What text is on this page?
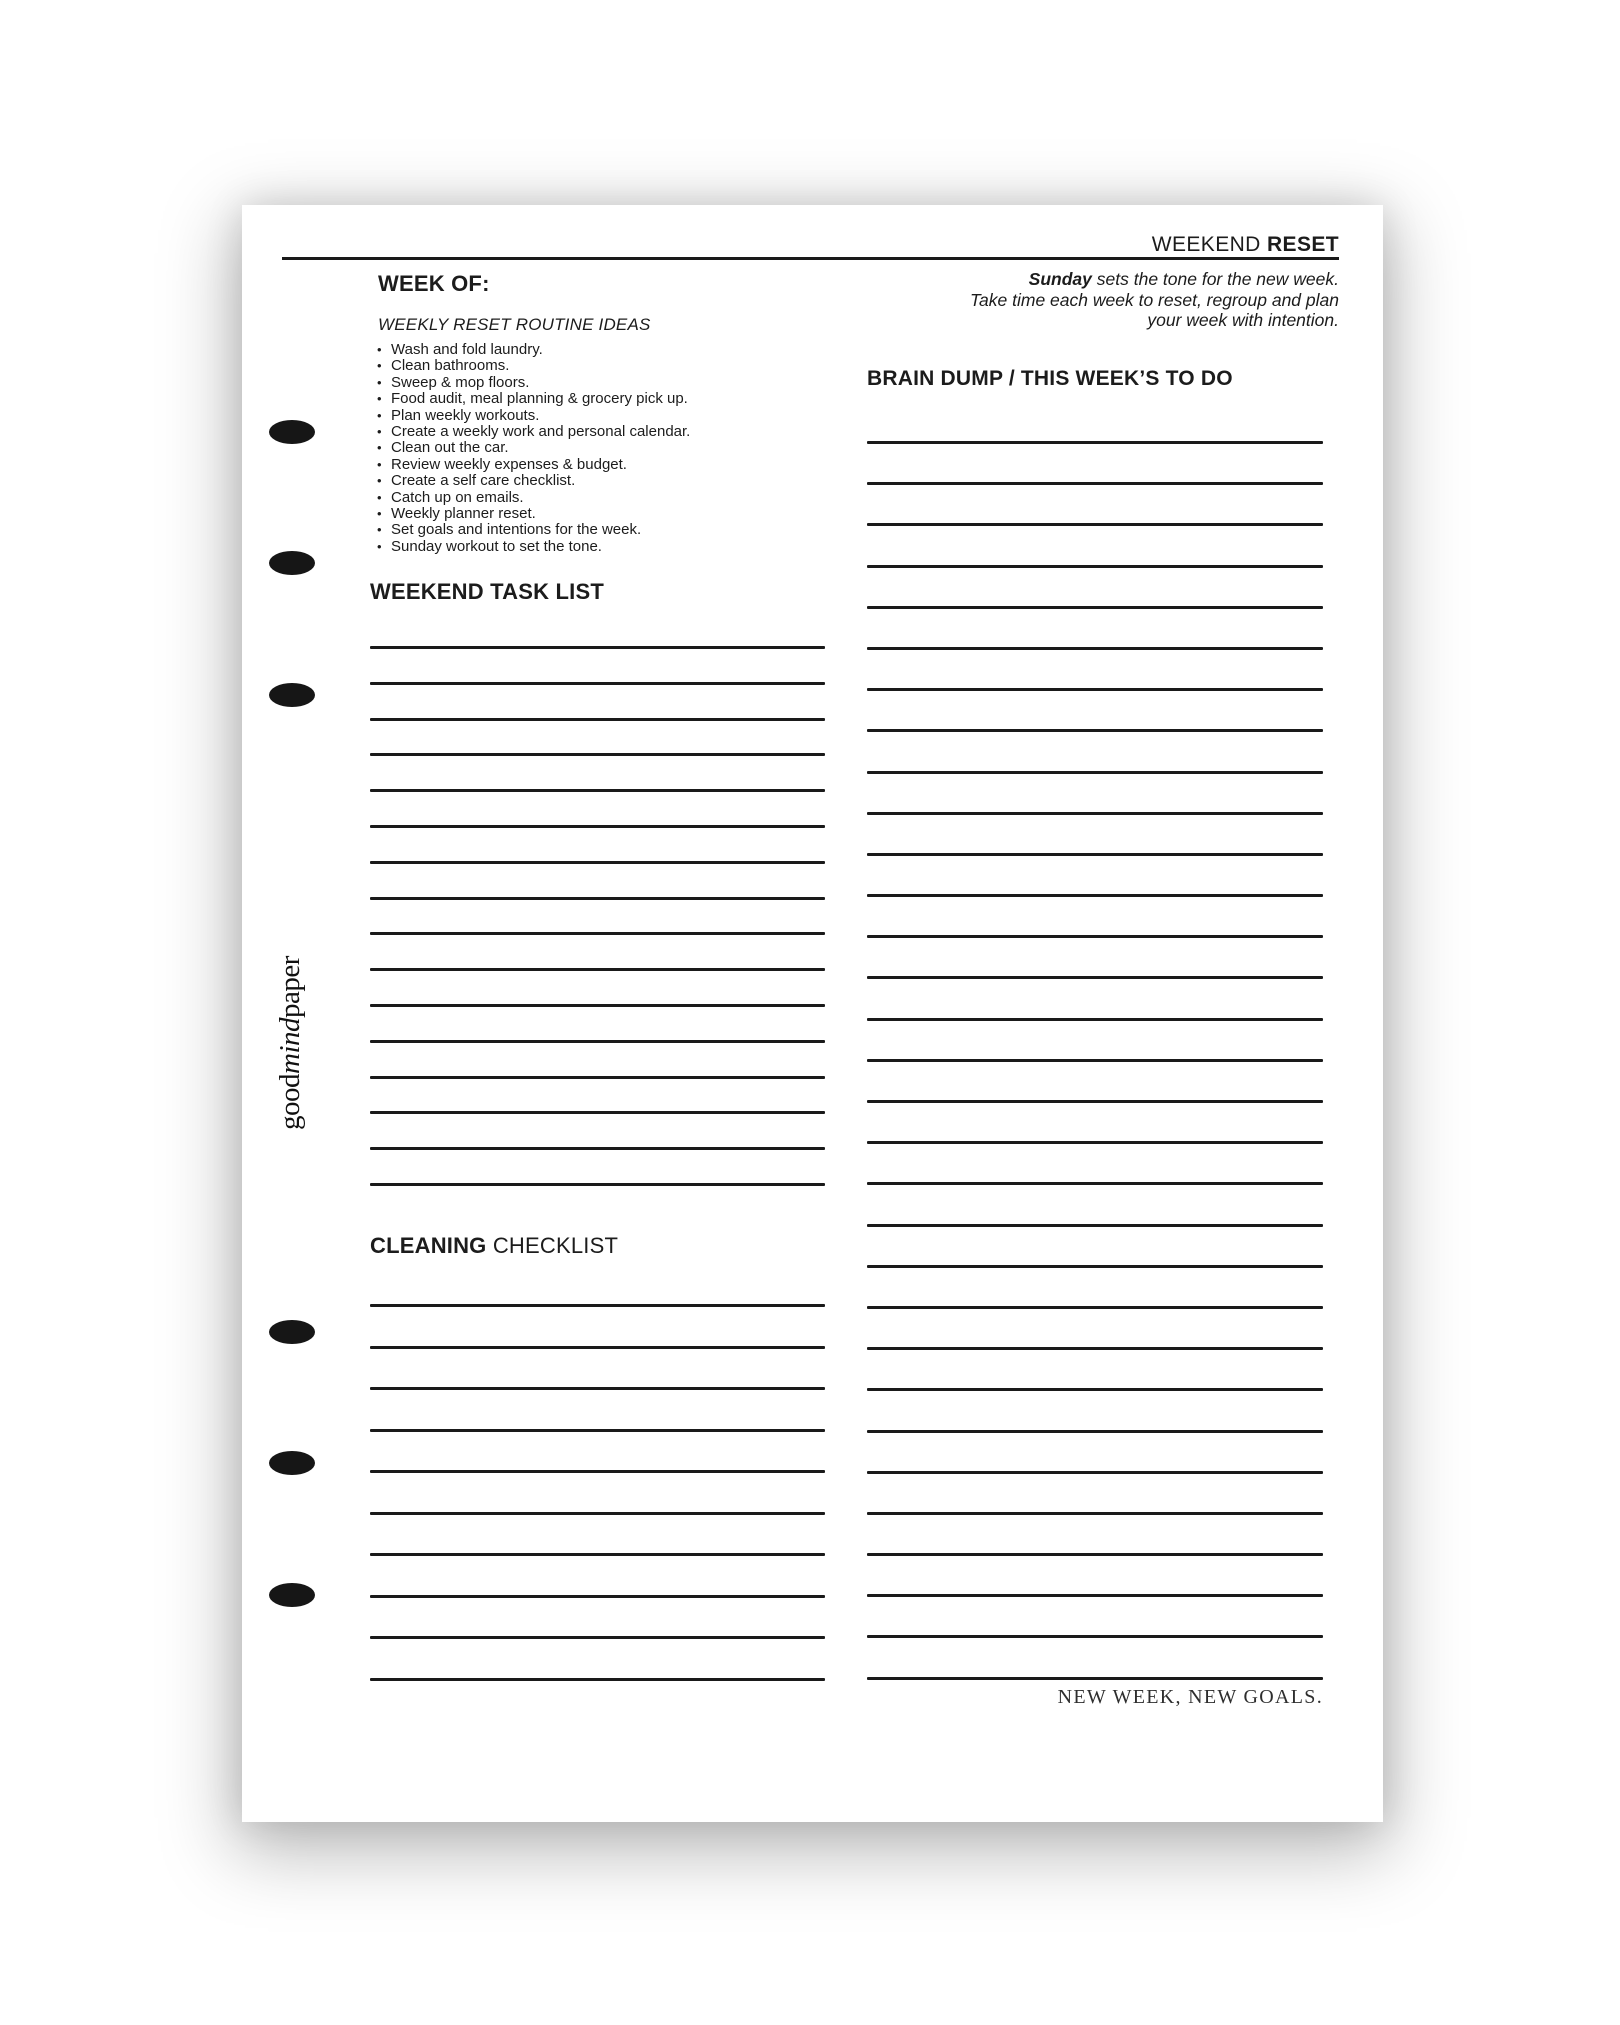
WEEKEND RESET
WEEK OF:
WEEKLY RESET ROUTINE IDEAS
• Wash and fold laundry.
• Clean bathrooms.
• Sweep & mop floors.
• Food audit, meal planning & grocery pick up.
• Plan weekly workouts.
• Create a weekly work and personal calendar.
• Clean out the car.
• Review weekly expenses & budget.
• Create a self care checklist.
• Catch up on emails.
• Weekly planner reset.
• Set goals and intentions for the week.
• Sunday workout to set the tone.
WEEKEND TASK LIST
CLEANING CHECKLIST
Sunday sets the tone for the new week.
Take time each week to reset, regroup and plan
your week with intention.
BRAIN DUMP / THIS WEEK’S TO DO
NEW WEEK, NEW GOALS.
goodmindpaper
